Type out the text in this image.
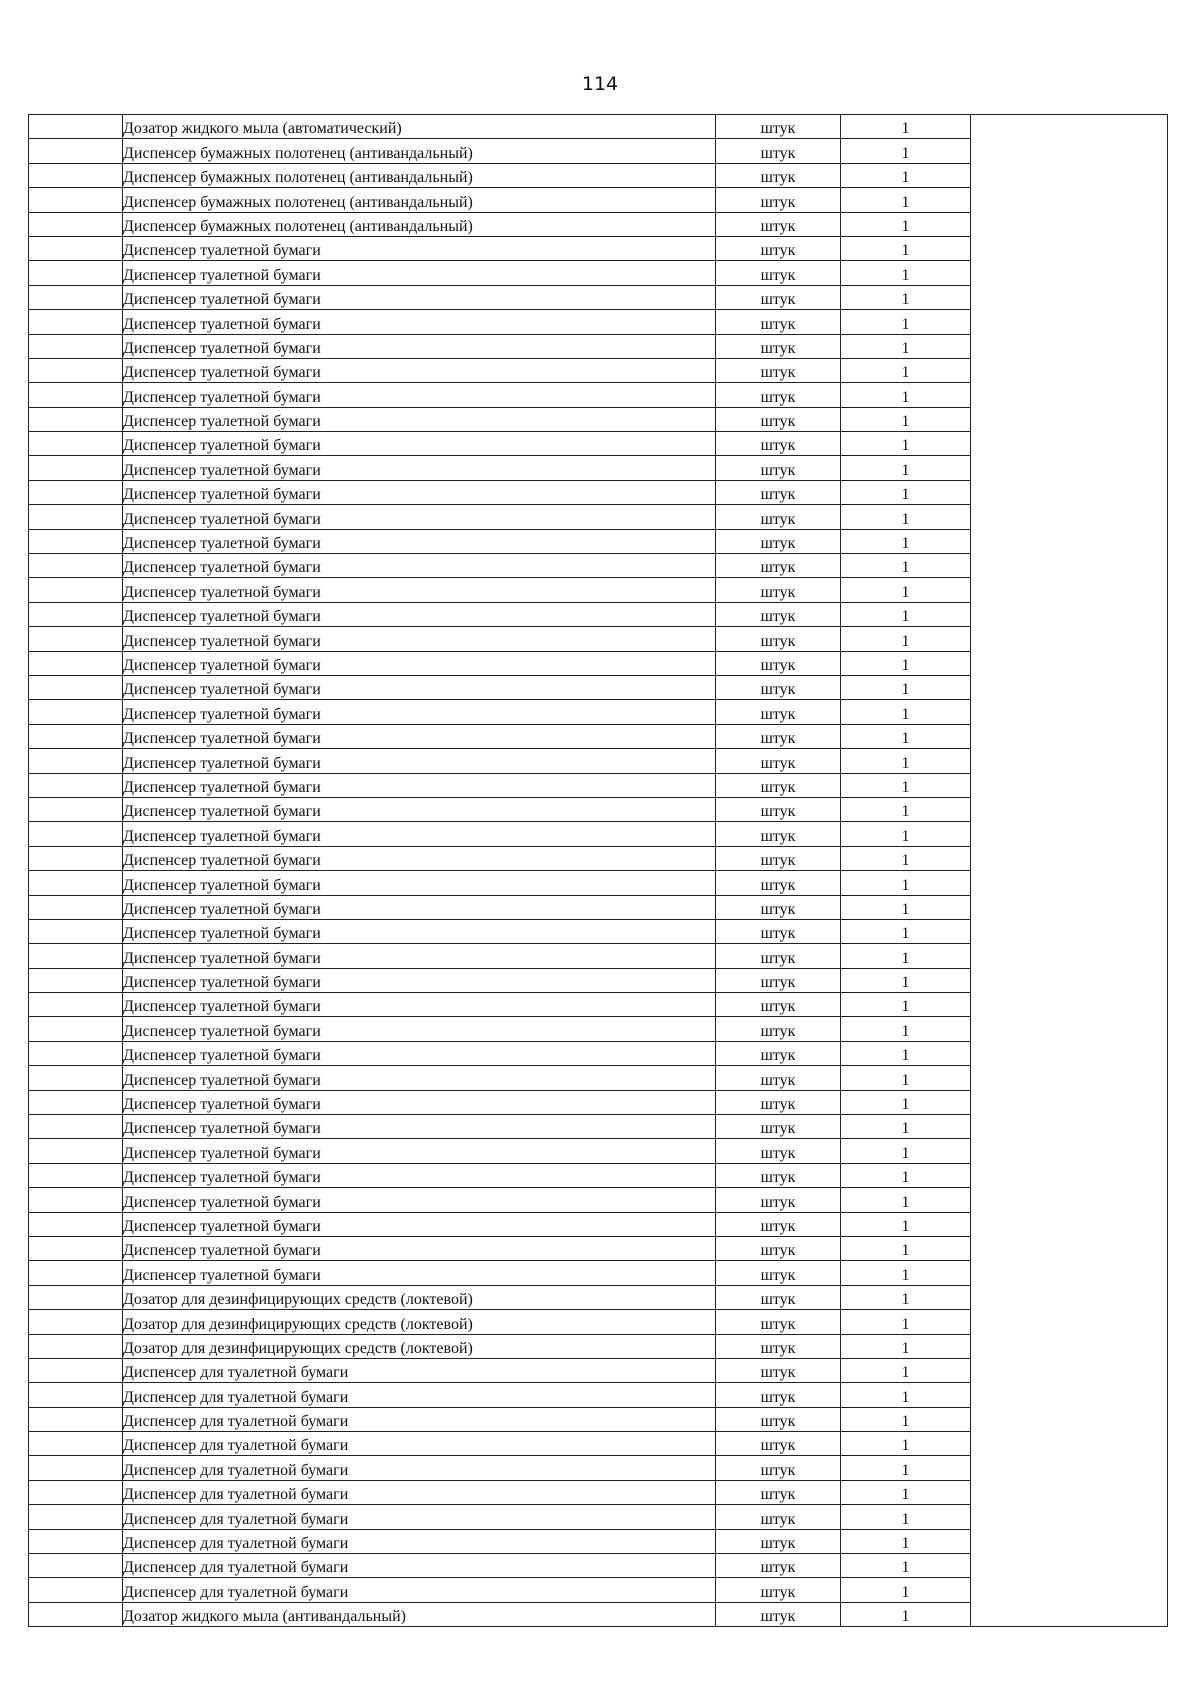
114
	Дозатор жидкого мыла (автоматический)	штук	1	
	Диспенсер бумажных полотенец (антивандальный)	штук	1	
	Диспенсер бумажных полотенец (антивандальный)	штук	1	
	Диспенсер бумажных полотенец (антивандальный)	штук	1	
	Диспенсер бумажных полотенец (антивандальный)	штук	1	
	Диспенсер туалетной бумаги	штук	1	
	Диспенсер туалетной бумаги	штук	1	
	Диспенсер туалетной бумаги	штук	1	
	Диспенсер туалетной бумаги	штук	1	
	Диспенсер туалетной бумаги	штук	1	
	Диспенсер туалетной бумаги	штук	1	
	Диспенсер туалетной бумаги	штук	1	
	Диспенсер туалетной бумаги	штук	1	
	Диспенсер туалетной бумаги	штук	1	
	Диспенсер туалетной бумаги	штук	1	
	Диспенсер туалетной бумаги	штук	1	
	Диспенсер туалетной бумаги	штук	1	
	Диспенсер туалетной бумаги	штук	1	
	Диспенсер туалетной бумаги	штук	1	
	Диспенсер туалетной бумаги	штук	1	
	Диспенсер туалетной бумаги	штук	1	
	Диспенсер туалетной бумаги	штук	1	
	Диспенсер туалетной бумаги	штук	1	
	Диспенсер туалетной бумаги	штук	1	
	Диспенсер туалетной бумаги	штук	1	
	Диспенсер туалетной бумаги	штук	1	
	Диспенсер туалетной бумаги	штук	1	
	Диспенсер туалетной бумаги	штук	1	
	Диспенсер туалетной бумаги	штук	1	
	Диспенсер туалетной бумаги	штук	1	
	Диспенсер туалетной бумаги	штук	1	
	Диспенсер туалетной бумаги	штук	1	
	Диспенсер туалетной бумаги	штук	1	
	Диспенсер туалетной бумаги	штук	1	
	Диспенсер туалетной бумаги	штук	1	
	Диспенсер туалетной бумаги	штук	1	
	Диспенсер туалетной бумаги	штук	1	
	Диспенсер туалетной бумаги	штук	1	
	Диспенсер туалетной бумаги	штук	1	
	Диспенсер туалетной бумаги	штук	1	
	Диспенсер туалетной бумаги	штук	1	
	Диспенсер туалетной бумаги	штук	1	
	Диспенсер туалетной бумаги	штук	1	
	Диспенсер туалетной бумаги	штук	1	
	Диспенсер туалетной бумаги	штук	1	
	Диспенсер туалетной бумаги	штук	1	
	Диспенсер туалетной бумаги	штук	1	
	Диспенсер туалетной бумаги	штук	1	
	Дозатор для дезинфицирующих средств (локтевой)	штук	1	
	Дозатор для дезинфицирующих средств (локтевой)	штук	1	
	Дозатор для дезинфицирующих средств (локтевой)	штук	1	
	Диспенсер для туалетной бумаги	штук	1	
	Диспенсер для туалетной бумаги	штук	1	
	Диспенсер для туалетной бумаги	штук	1	
	Диспенсер для туалетной бумаги	штук	1	
	Диспенсер для туалетной бумаги	штук	1	
	Диспенсер для туалетной бумаги	штук	1	
	Диспенсер для туалетной бумаги	штук	1	
	Диспенсер для туалетной бумаги	штук	1	
	Диспенсер для туалетной бумаги	штук	1	
	Диспенсер для туалетной бумаги	штук	1	
	Дозатор жидкого мыла (антивандальный)	штук	1	
